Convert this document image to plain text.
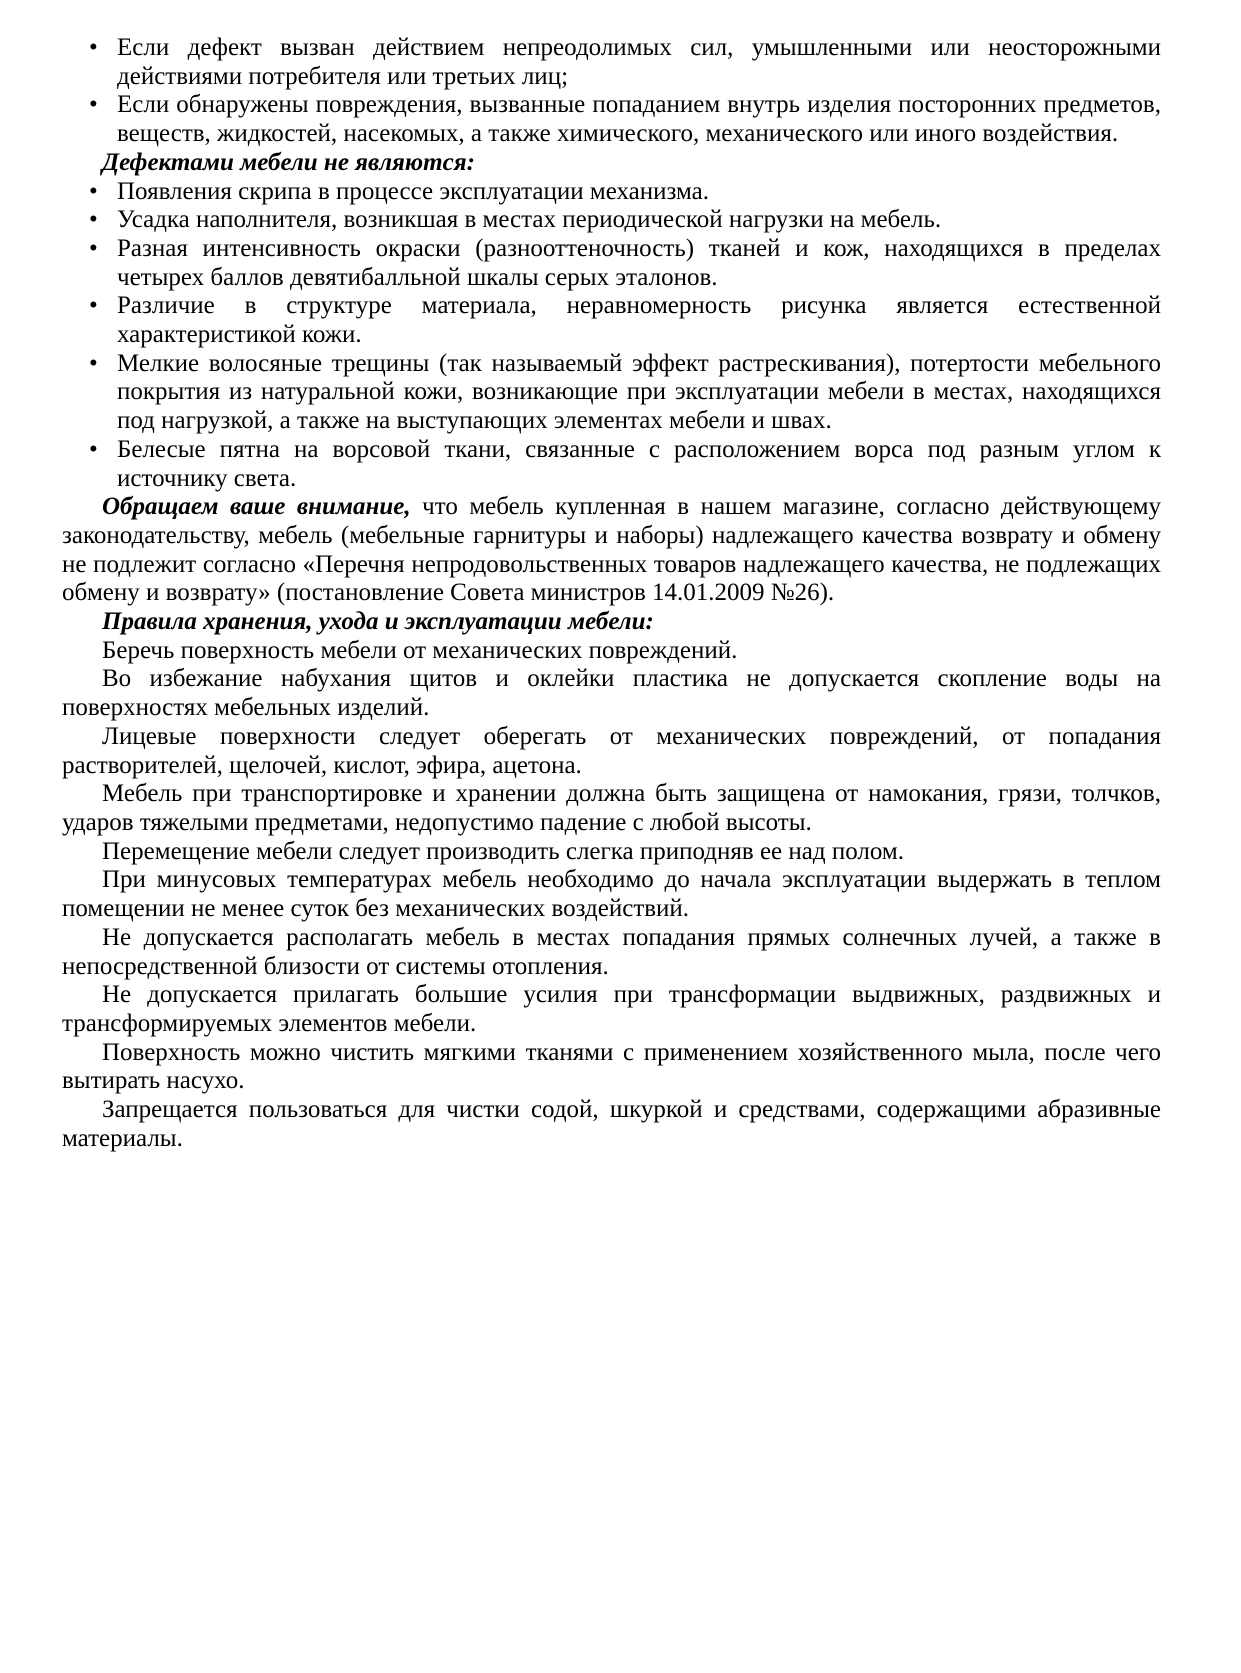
• Если дефект вызван действием непреодолимых сил, умышленными или неосторожными действиями потребителя или третьих лиц;
• Если обнаружены повреждения, вызванные попаданием внутрь изделия посторонних предметов, веществ, жидкостей, насекомых, а также химического, механического или иного воздействия.
Дефектами мебели не являются:
• Появления скрипа в процессе эксплуатации механизма.
• Усадка наполнителя, возникшая в местах периодической нагрузки на мебель.
• Разная интенсивность окраски (разнооттеночность) тканей и кож, находящихся в пределах четырех баллов девятибалльной шкалы серых эталонов.
• Различие в структуре материала, неравномерность рисунка является естественной характеристикой кожи.
• Мелкие волосяные трещины (так называемый эффект растрескивания), потертости мебельного покрытия из натуральной кожи, возникающие при эксплуатации мебели в местах, находящихся под нагрузкой, а также на выступающих элементах мебели и швах.
• Белесые пятна на ворсовой ткани, связанные с расположением ворса под разным углом к источнику света.

Обращаем ваше внимание, что мебель купленная в нашем магазине, согласно действующему законодательству, мебель (мебельные гарнитуры и наборы) надлежащего качества возврату и обмену не подлежит согласно «Перечня непродовольственных товаров надлежащего качества, не подлежащих обмену и возврату» (постановление Совета министров 14.01.2009 №26).

Правила хранения, ухода и эксплуатации мебели:

Беречь поверхность мебели от механических повреждений.

Во избежание набухания щитов и оклейки пластика не допускается скопление воды на поверхностях мебельных изделий.

Лицевые поверхности следует оберегать от механических повреждений, от попадания растворителей, щелочей, кислот, эфира, ацетона.

Мебель при транспортировке и хранении должна быть защищена от намокания, грязи, толчков, ударов тяжелыми предметами, недопустимо падение с любой высоты.

Перемещение мебели следует производить слегка приподняв ее над полом.

При минусовых температурах мебель необходимо до начала эксплуатации выдержать в теплом помещении не менее суток без механических воздействий.

Не допускается располагать мебель в местах попадания прямых солнечных лучей, а также в непосредственной близости от системы отопления.

Не допускается прилагать большие усилия при трансформации выдвижных, раздвижных и трансформируемых элементов мебели.

Поверхность можно чистить мягкими тканями с применением хозяйственного мыла, после чего вытирать насухо.

Запрещается пользоваться для чистки содой, шкуркой и средствами, содержащими абразивные материалы.
